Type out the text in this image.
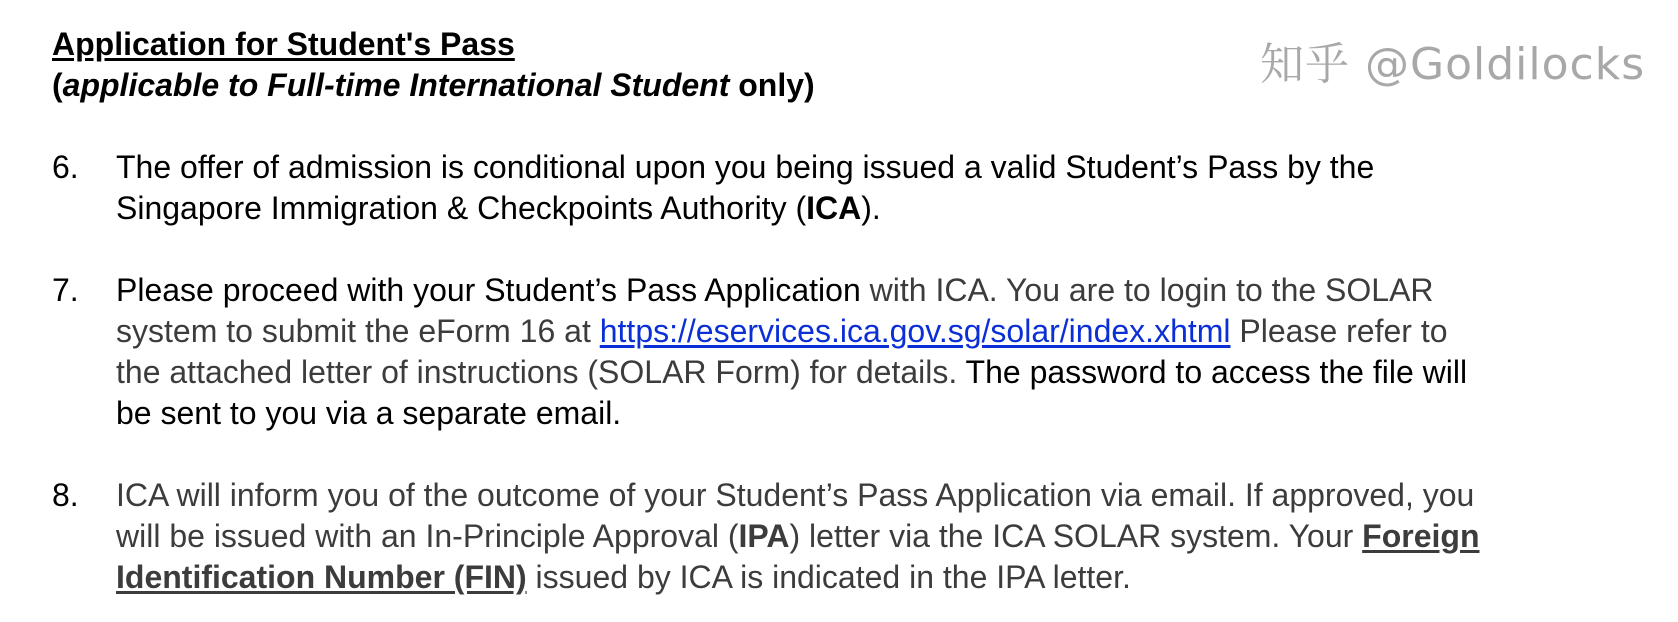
Application for Student's Pass
(applicable to Full-time International Student only)
6. The offer of admission is conditional upon you being issued a valid Student’s Pass by the
Singapore Immigration & Checkpoints Authority (ICA).
7. Please proceed with your Student’s Pass Application with ICA. You are to login to the SOLAR
system to submit the eForm 16 at https://eservices.ica.gov.sg/solar/index.xhtml Please refer to
the attached letter of instructions (SOLAR Form) for details. The password to access the file will
be sent to you via a separate email.
8. ICA will inform you of the outcome of your Student’s Pass Application via email. If approved, you
will be issued with an In-Principle Approval (IPA) letter via the ICA SOLAR system. Your Foreign
Identification Number (FIN) issued by ICA is indicated in the IPA letter.
知乎 @Goldilocks
